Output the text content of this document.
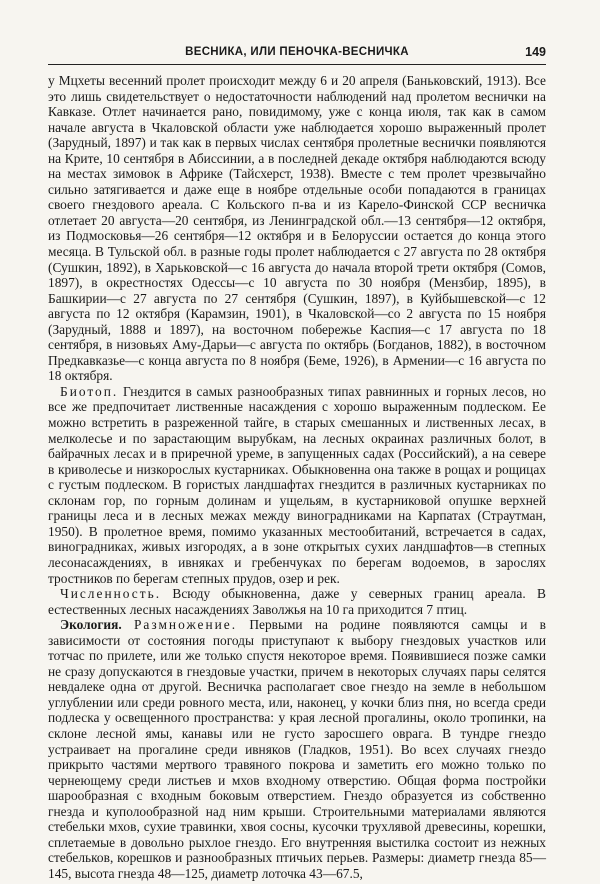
ВЕСНИКА, ИЛИ ПЕНОЧКА-ВЕСНИЧКА	149

у Мцхеты весенний пролет происходит между 6 и 20 апреля (Баньковский, 1913). Все это лишь свидетельствует о недостаточности наблюдений над пролетом веснички на Кавказе. Отлет начинается рано, повидимому, уже с конца июля, так как в самом начале августа в Чкаловской области уже наблюдается хорошо выраженный пролет (Зарудный, 1897) и так как в первых числах сентября пролетные веснички появляются на Крите, 10 сентября в Абиссинии, а в последней декаде октября наблюдаются всюду на местах зимовок в Африке (Тайсхерст, 1938). Вместе с тем пролет чрезвычайно сильно затягивается и даже еще в ноябре отдельные особи попадаются в границах своего гнездового ареала. С Кольского п-ва и из Карело-Финской ССР весничка отлетает 20 августа—20 сентября, из Ленинградской обл.—13 сентября—12 октября, из Подмосковья—26 сентября—12 октября и в Белоруссии остается до конца этого месяца. В Тульской обл. в разные годы пролет наблюдается с 27 августа по 28 октября (Сушкин, 1892), в Харьковской—с 16 августа до начала второй трети октября (Сомов, 1897), в окрестностях Одессы—с 10 августа по 30 ноября (Мензбир, 1895), в Башкирии—с 27 августа по 27 сентября (Сушкин, 1897), в Куйбышевской—с 12 августа по 12 октября (Карамзин, 1901), в Чкаловской—со 2 августа по 15 ноября (Зарудный, 1888 и 1897), на восточном побережье Каспия—с 17 августа по 18 сентября, в низовьях Аму-Дарьи—с августа по октябрь (Богданов, 1882), в восточном Предкавказье—с конца августа по 8 ноября (Беме, 1926), в Армении—с 16 августа по 18 октября.

Биотоп. Гнездится в самых разнообразных типах равнинных и горных лесов, но все же предпочитает лиственные насаждения с хорошо выраженным подлеском. Ее можно встретить в разреженной тайге, в старых смешанных и лиственных лесах, в мелколесье и по зарастающим вырубкам, на лесных окраинах различных болот, в байрачных лесах и в приречной уреме, в запущенных садах (Российский), а на севере в криволесье и низкорослых кустарниках. Обыкновенна она также в рощах и рощицах с густым подлеском. В гористых ландшафтах гнездится в различных кустарниках по склонам гор, по горным долинам и ущельям, в кустарниковой опушке верхней границы леса и в лесных межах между виноградниками на Карпатах (Страутман, 1950). В пролетное время, помимо указанных местообитаний, встречается в садах, виноградниках, живых изгородях, а в зоне открытых сухих ландшафтов—в степных лесонасаждениях, в ивняках и гребенчуках по берегам водоемов, в зарослях тростников по берегам степных прудов, озер и рек.

Численность. Всюду обыкновенна, даже у северных границ ареала. В естественных лесных насаждениях Заволжья на 10 га приходится 7 птиц.

Экология. Размножение. Первыми на родине появляются самцы и в зависимости от состояния погоды приступают к выбору гнездовых участков или тотчас по прилете, или же только спустя некоторое время. Появившиеся позже самки не сразу допускаются в гнездовые участки, причем в некоторых случаях пары селятся невдалеке одна от другой. Весничка располагает свое гнездо на земле в небольшом углублении или среди ровного места, или, наконец, у кочки близ пня, но всегда среди подлеска у освещенного пространства: у края лесной прогалины, около тропинки, на склоне лесной ямы, канавы или не густо заросшего оврага. В тундре гнездо устраивает на прогалине среди ивняков (Гладков, 1951). Во всех случаях гнездо прикрыто частями мертвого травяного покрова и заметить его можно только по чернеющему среди листьев и мхов входному отверстию. Общая форма постройки шарообразная с входным боковым отверстием. Гнездо образуется из собственно гнезда и куполообразной над ним крыши. Строительными материалами являются стебельки мхов, сухие травинки, хвоя сосны, кусочки трухлявой древесины, корешки, сплетаемые в довольно рыхлое гнездо. Его внутренняя выстилка состоит из нежных стебельков, корешков и разнообразных птичьих перьев. Размеры: диаметр гнезда 85—145, высота гнезда 48—125, диаметр лоточка 43—67.5,
